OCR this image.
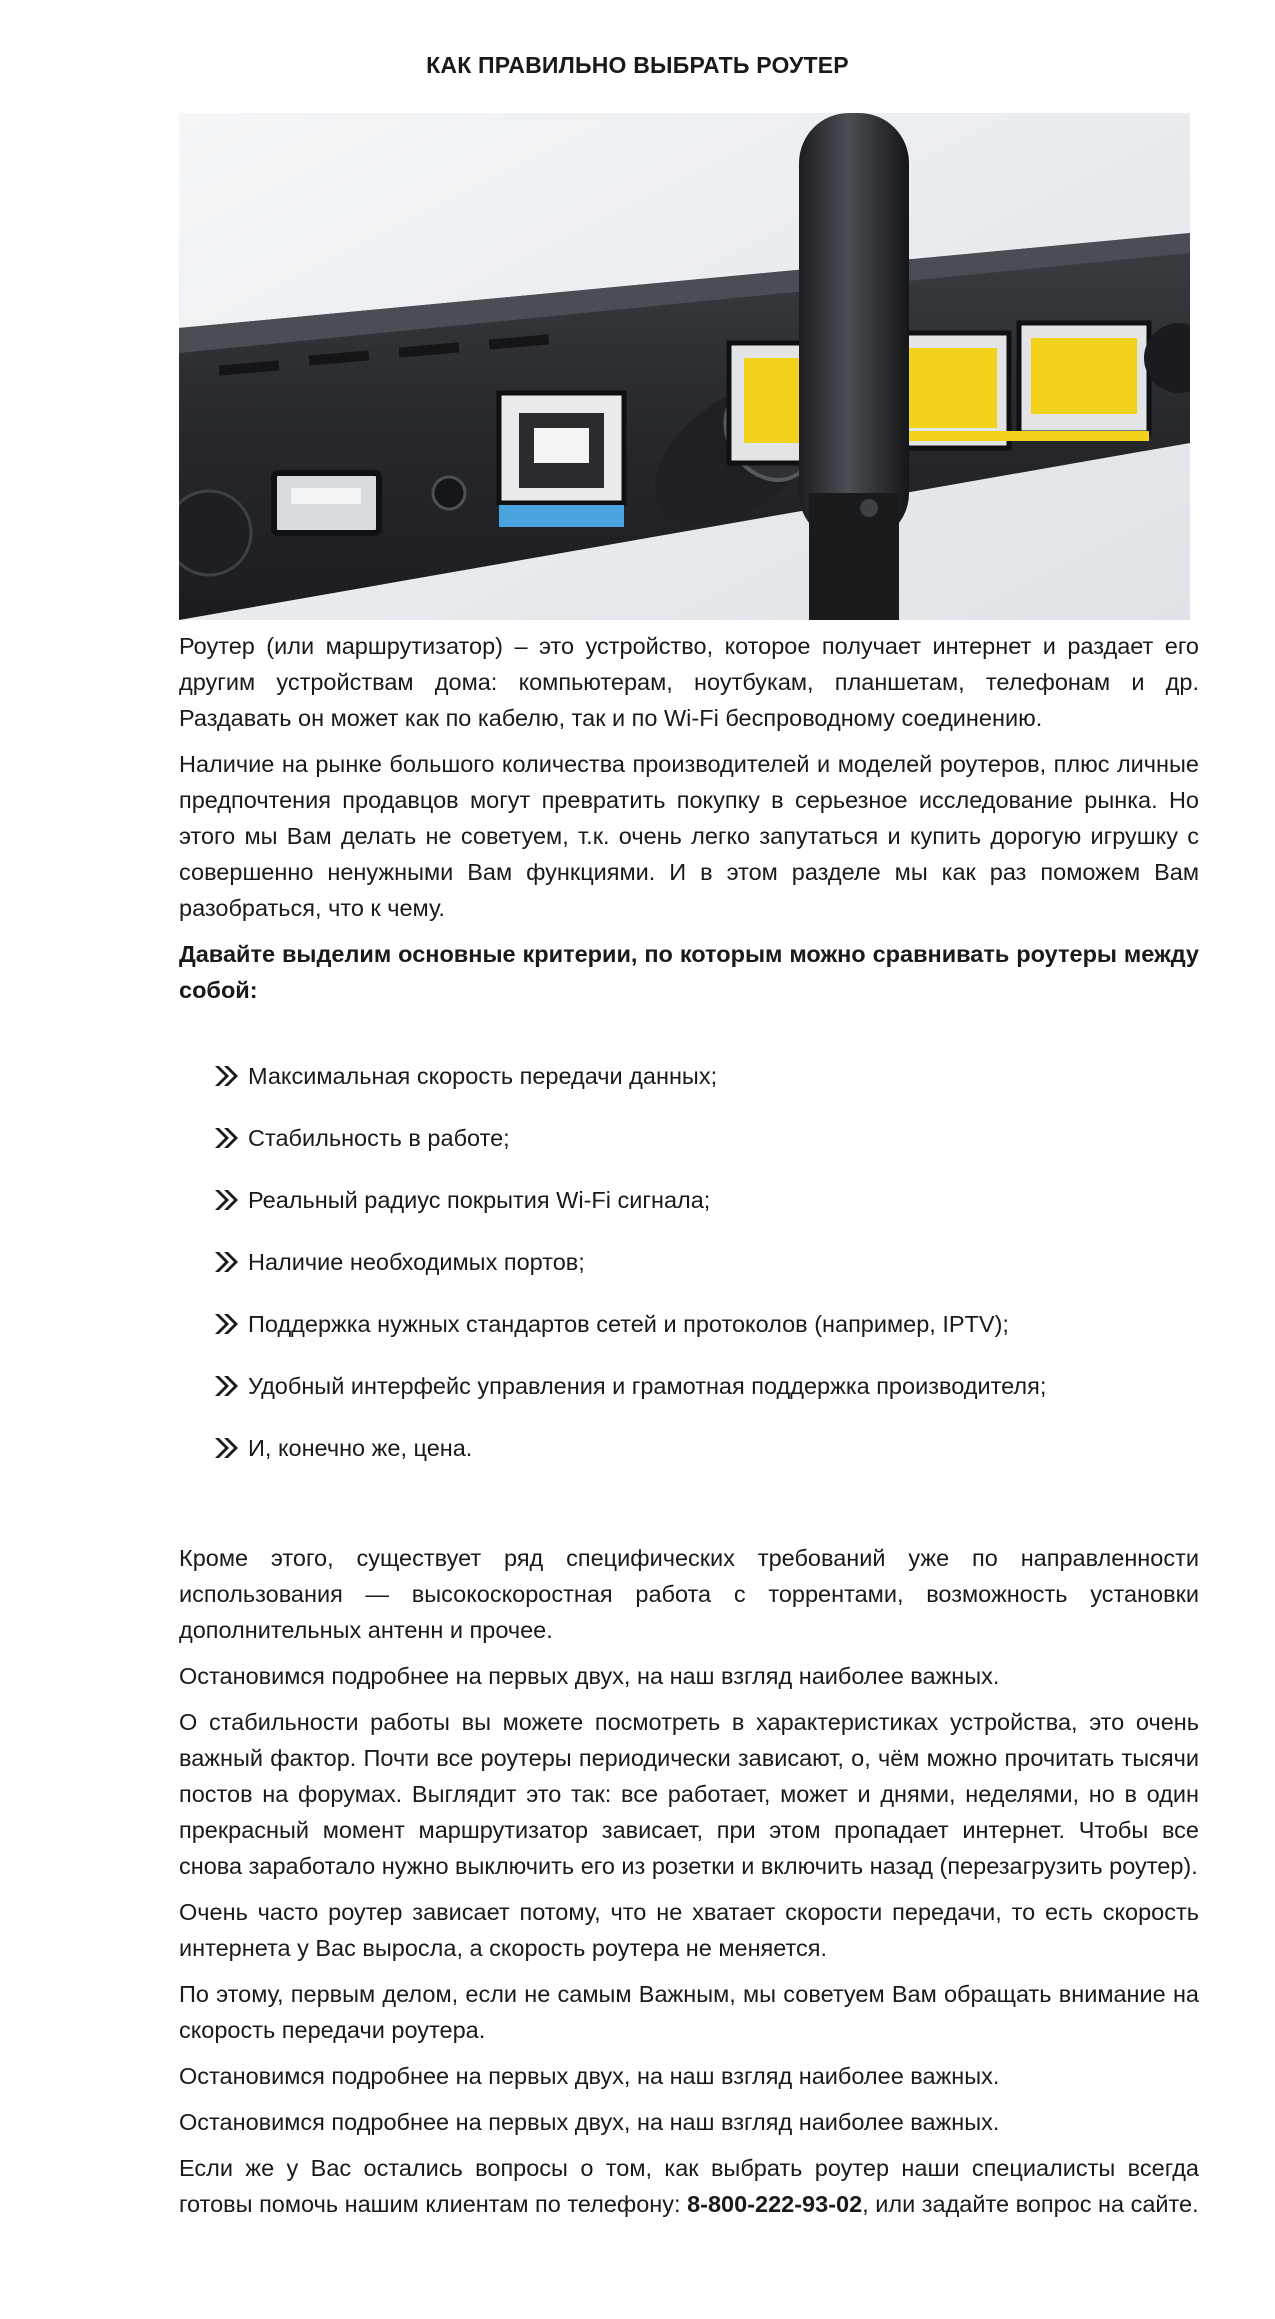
КАК ПРАВИЛЬНО ВЫБРАТЬ РОУТЕР

Роутер (или маршрутизатор) – это устройство, которое получает интернет и раздает его другим устройствам дома: компьютерам, ноутбукам, планшетам, телефонам и др. Раздавать он может как по кабелю, так и по Wi-Fi беспроводному соединению.

Наличие на рынке большого количества производителей и моделей роутеров, плюс личные предпочтения продавцов могут превратить покупку в серьезное исследование рынка. Но этого мы Вам делать не советуем, т.к. очень легко запутаться и купить дорогую игрушку с совершенно ненужными Вам функциями. И в этом разделе мы как раз поможем Вам разобраться, что к чему.

Давайте выделим основные критерии, по которым можно сравнивать роутеры между собой:

Максимальная скорость передачи данных;
Стабильность в работе;
Реальный радиус покрытия Wi-Fi сигнала;
Наличие необходимых портов;
Поддержка нужных стандартов сетей и протоколов (например, IPTV);
Удобный интерфейс управления и грамотная поддержка производителя;
И, конечно же, цена.

Кроме этого, существует ряд специфических требований уже по направленности использования — высокоскоростная работа с торрентами, возможность установки дополнительных антенн и прочее.

Остановимся подробнее на первых двух, на наш взгляд наиболее важных.

О стабильности работы вы можете посмотреть в характеристиках устройства, это очень важный фактор. Почти все роутеры периодически зависают, о, чём можно прочитать тысячи постов на форумах. Выглядит это так: все работает, может и днями, неделями, но в один прекрасный момент маршрутизатор зависает, при этом пропадает интернет. Чтобы все снова заработало нужно выключить его из розетки и включить назад (перезагрузить роутер).

Очень часто роутер зависает потому, что не хватает скорости передачи, то есть скорость интернета у Вас выросла, а скорость роутера не меняется.

По этому, первым делом, если не самым Важным, мы советуем Вам обращать внимание на скорость передачи роутера.

Остановимся подробнее на первых двух, на наш взгляд наиболее важных.

Остановимся подробнее на первых двух, на наш взгляд наиболее важных.

Если же у Вас остались вопросы о том, как выбрать роутер наши специалисты всегда готовы помочь нашим клиентам по телефону: 8-800-222-93-02, или задайте вопрос на сайте.
